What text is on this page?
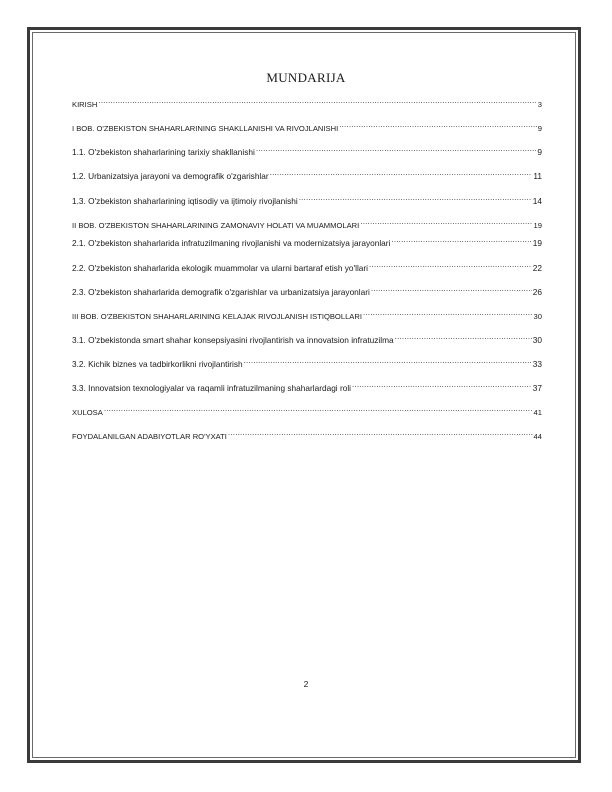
MUNDARIJA
KIRISH .....	3
I BOB. O'ZBEKISTON SHAHARLARINING SHAKLLANISHI VA RIVOJLANISHI .....	9
1.1. O'zbekiston shaharlarining tarixiy shakllanishi .....	9
1.2. Urbanizatsiya jarayoni va demografik o'zgarishlar .....	11
1.3. O'zbekiston shaharlarining iqtisodiy va ijtimoiy rivojlanishi .....	14
II BOB. O'ZBEKISTON SHAHARLARINING ZAMONAVIY HOLATI VA MUAMMOLARI .....	19
2.1. O'zbekiston shaharlarida infratuzilmaning rivojlanishi va modernizatsiya jarayonlari .....	19
2.2. O'zbekiston shaharlarida ekologik muammolar va ularni bartaraf etish yo'llari .....	22
2.3. O'zbekiston shaharlarida demografik o'zgarishlar va urbanizatsiya jarayonlari .....	26
III BOB. O'ZBEKISTON SHAHARLARINING KELAJAK RIVOJLANISH ISTIQBOLLARI .....	30
3.1. O'zbekistonda smart shahar konsepsiyasini rivojlantirish va innovatsion infratuzilma .....	30
3.2. Kichik biznes va tadbirkorlikni rivojlantirish .....	33
3.3. Innovatsion texnologiyalar va raqamli infratuzilmaning shaharlardagi roli .....	37
XULOSA .....	41
FOYDALANILGAN ADABIYOTLAR RO'YXATI .....	44
2
